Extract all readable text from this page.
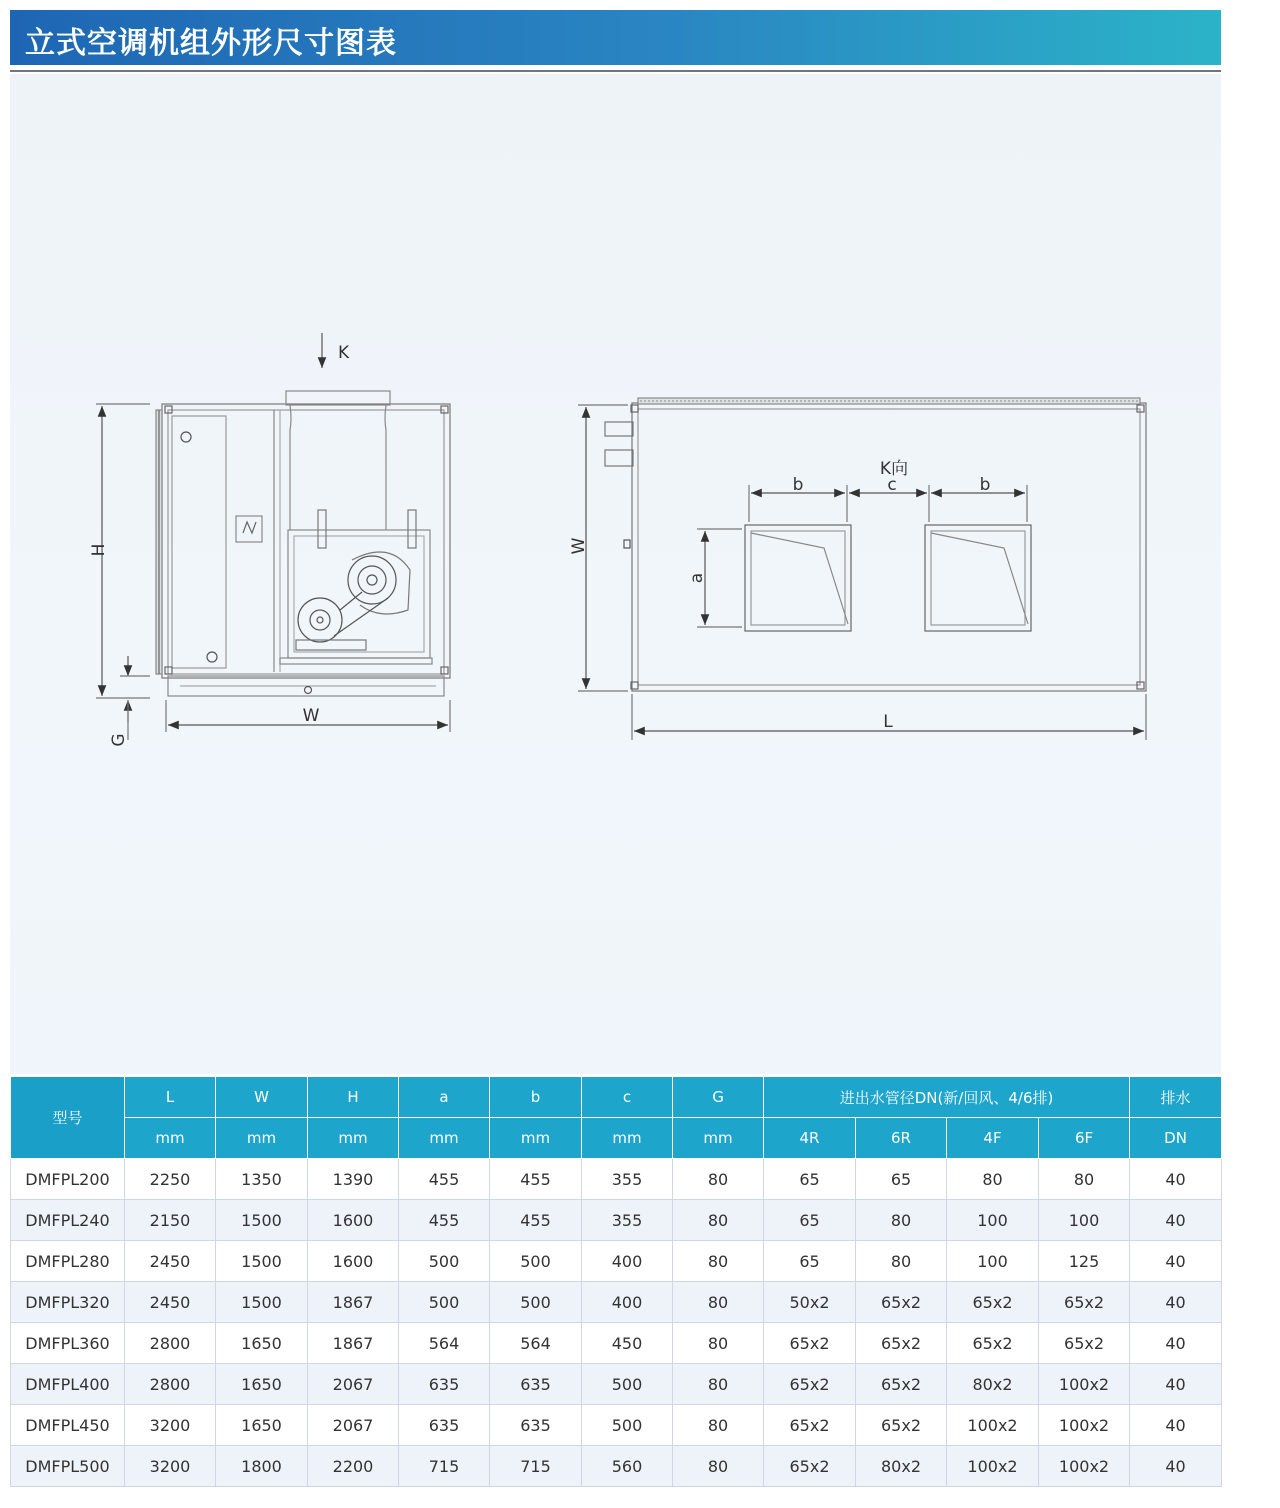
立式空调机组外形尺寸图表
K
H
W
G
K向
b	c	b
a
W
L
型号	L	W	H	a	b	c	G	进出水管径DN(新/回风、4/6排)				排水
	mm	mm	mm	mm	mm	mm	mm	4R	6R	4F	6F	DN
DMFPL200	2250	1350	1390	455	455	355	80	65	65	80	80	40
DMFPL240	2150	1500	1600	455	455	355	80	65	80	100	100	40
DMFPL280	2450	1500	1600	500	500	400	80	65	80	100	125	40
DMFPL320	2450	1500	1867	500	500	400	80	50x2	65x2	65x2	65x2	40
DMFPL360	2800	1650	1867	564	564	450	80	65x2	65x2	65x2	65x2	40
DMFPL400	2800	1650	2067	635	635	500	80	65x2	65x2	80x2	100x2	40
DMFPL450	3200	1650	2067	635	635	500	80	65x2	65x2	100x2	100x2	40
DMFPL500	3200	1800	2200	715	715	560	80	65x2	80x2	100x2	100x2	40
